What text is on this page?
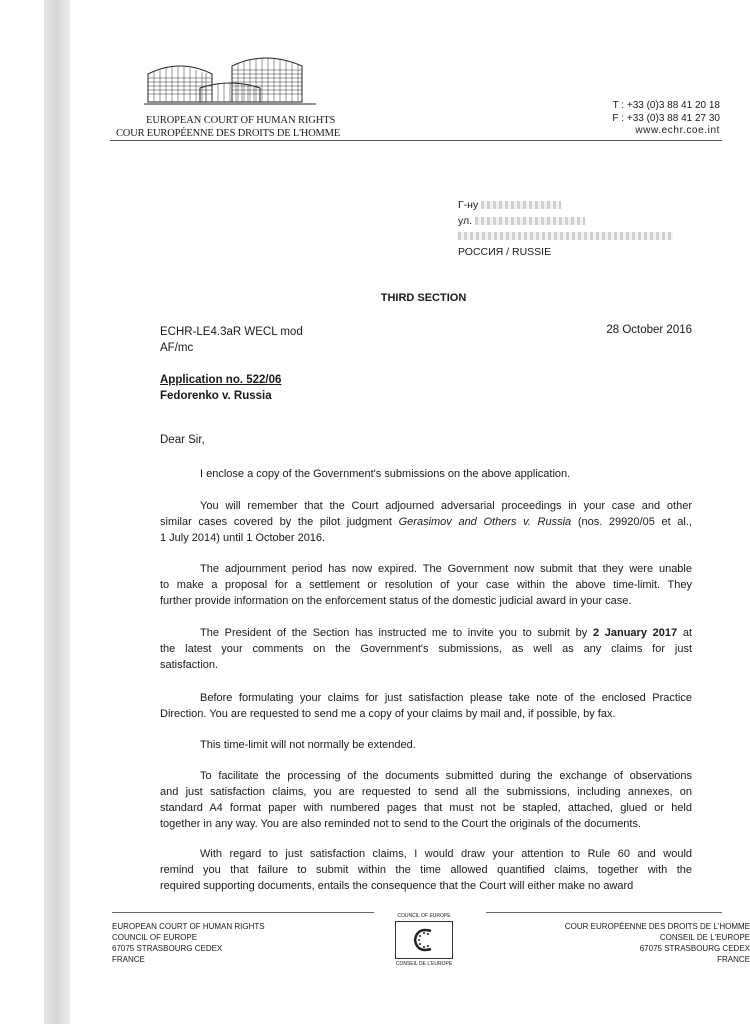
EUROPEAN COURT OF HUMAN RIGHTS
COUR EUROPÉENNE DES DROITS DE L'HOMME
T : +33 (0)3 88 41 20 18
F : +33 (0)3 88 41 27 30
www.echr.coe.int
Г-ну
ул.
РОССИЯ / RUSSIE
THIRD SECTION
ECHR-LE4.3aR WECL mod
AF/mc
28 October 2016
Application no. 522/06
Fedorenko v. Russia
Dear Sir,
I enclose a copy of the Government's submissions on the above application.
You will remember that the Court adjourned adversarial proceedings in your case and other
similar cases covered by the pilot judgment Gerasimov and Others v. Russia (nos. 29920/05 et al.,
1 July 2014) until 1 October 2016.
The adjournment period has now expired. The Government now submit that they were unable
to make a proposal for a settlement or resolution of your case within the above time-limit. They
further provide information on the enforcement status of the domestic judicial award in your case.
The President of the Section has instructed me to invite you to submit by 2 January 2017 at
the latest your comments on the Government's submissions, as well as any claims for just
satisfaction.
Before formulating your claims for just satisfaction please take note of the enclosed Practice
Direction. You are requested to send me a copy of your claims by mail and, if possible, by fax.
This time-limit will not normally be extended.
To facilitate the processing of the documents submitted during the exchange of observations
and just satisfaction claims, you are requested to send all the submissions, including annexes, on
standard A4 format paper with numbered pages that must not be stapled, attached, glued or held
together in any way. You are also reminded not to send to the Court the originals of the documents.
With regard to just satisfaction claims, I would draw your attention to Rule 60 and would
remind you that failure to submit within the time allowed quantified claims, together with the
required supporting documents, entails the consequence that the Court will either make no award
EUROPEAN COURT OF HUMAN RIGHTS
COUNCIL OF EUROPE
67075 STRASBOURG CEDEX
FRANCE
COUR EUROPÉENNE DES DROITS DE L'HOMME
CONSEIL DE L'EUROPE
67075 STRASBOURG CEDEX
FRANCE
COUNCIL OF EUROPE
CONSEIL DE L'EUROPE
